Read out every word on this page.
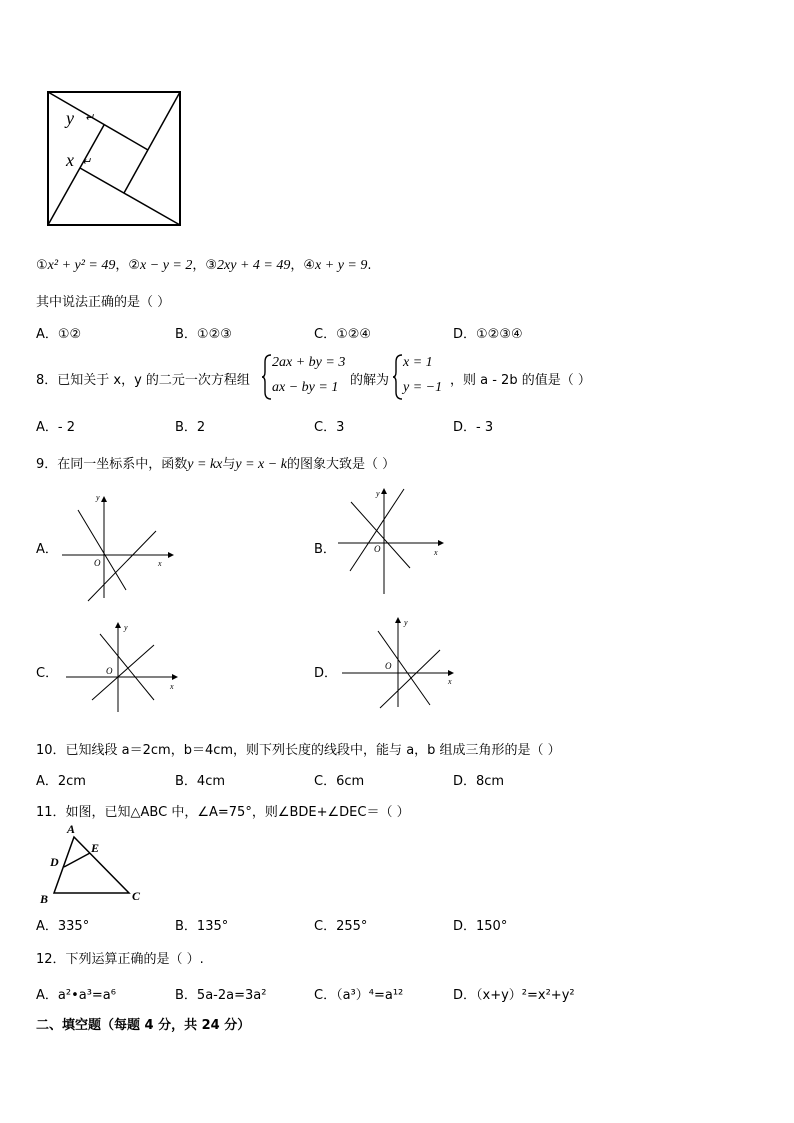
y
x
↵
↵
①x² + y² = 49，②x − y = 2，③2xy + 4 = 49，④x + y = 9.
其中说法正确的是（ ）
A．①②	B．①②③	C．①②④	D．①②③④
8．已知关于 x，y 的二元一次方程组
2ax + by = 3
ax − by = 1 的解为
x = 1
y = −1 ，则 a - 2b 的值是（ ）
A．- 2	B．2	C．3	D．- 3
9．在同一坐标系中，函数y = kx与y = x − k的图象大致是（ ）
A．	B．
C．	D．
y
x
O
y
x
O
y
x
O
y
x
O
10．已知线段 a＝2cm，b＝4cm，则下列长度的线段中，能与 a，b 组成三角形的是（ ）
A．2cm	B．4cm	C．6cm	D．8cm
11．如图，已知△ABC 中，∠A=75°，则∠BDE+∠DEC＝（ ）
A
B	C
D
E
A．335°	B．135°	C．255°	D．150°
12．下列运算正确的是（ ）.
A．a²•a³=a⁶	B．5a-2a=3a²	C．（a³）⁴=a¹²	D．（x+y）²=x²+y²
二、填空题（每题 4 分，共 24 分）
